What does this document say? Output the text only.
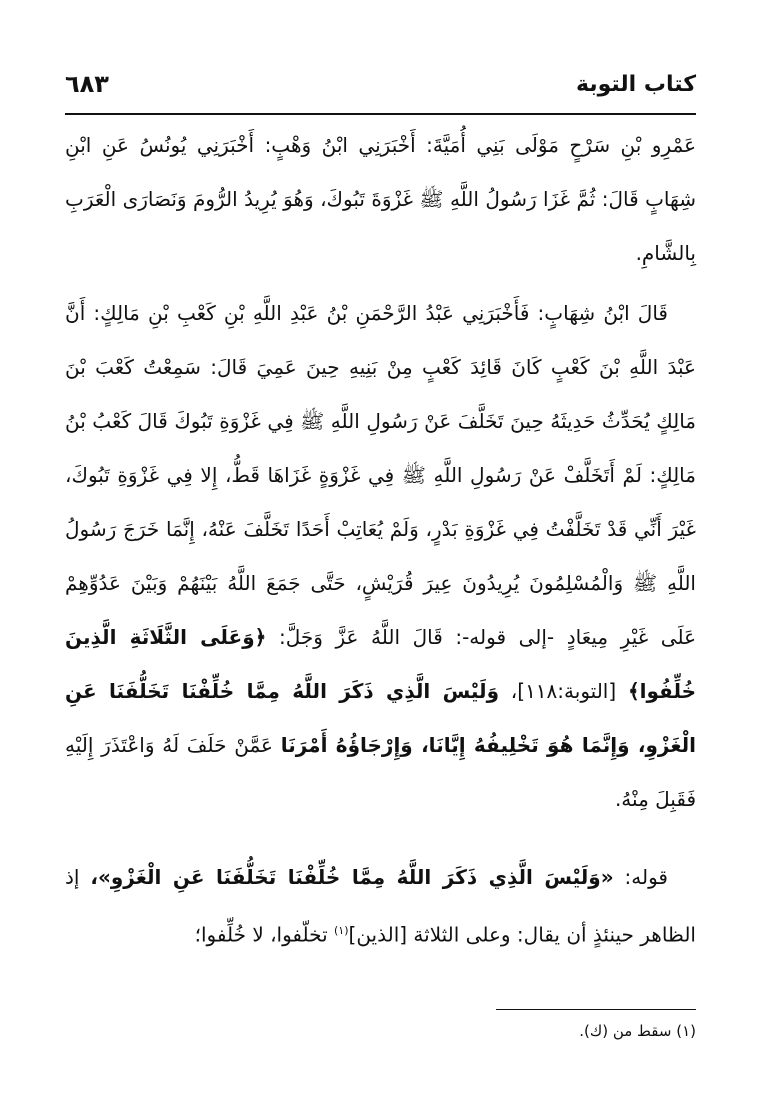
كتاب التوبة
٦٨٣

عَمْرِو بْنِ سَرْحٍ مَوْلَى بَنِي أُمَيَّةَ: أَخْبَرَنِي ابْنُ وَهْبٍ: أَخْبَرَنِي يُونُسُ عَنِ ابْنِ شِهَابٍ قَالَ: ثُمَّ غَزَا رَسُولُ اللَّهِ ﷺ غَزْوَةَ تَبُوكَ، وَهُوَ يُرِيدُ الرُّومَ وَنَصَارَى الْعَرَبِ بِالشَّامِ.

قَالَ ابْنُ شِهَابٍ: فَأَخْبَرَنِي عَبْدُ الرَّحْمَنِ بْنُ عَبْدِ اللَّهِ بْنِ كَعْبِ بْنِ مَالِكٍ: أَنَّ عَبْدَ اللَّهِ بْنَ كَعْبٍ كَانَ قَائِدَ كَعْبٍ مِنْ بَنِيهِ حِينَ عَمِيَ قَالَ: سَمِعْتُ كَعْبَ بْنَ مَالِكٍ يُحَدِّثُ حَدِيثَهُ حِينَ تَخَلَّفَ عَنْ رَسُولِ اللَّهِ ﷺ فِي غَزْوَةِ تَبُوكَ قَالَ كَعْبُ بْنُ مَالِكٍ: لَمْ أَتَخَلَّفْ عَنْ رَسُولِ اللَّهِ ﷺ فِي غَزْوَةٍ غَزَاهَا قَطُّ، إِلا فِي غَزْوَةِ تَبُوكَ، غَيْرَ أَنِّي قَدْ تَخَلَّفْتُ فِي غَزْوَةِ بَدْرٍ، وَلَمْ يُعَاتِبْ أَحَدًا تَخَلَّفَ عَنْهُ، إِنَّمَا خَرَجَ رَسُولُ اللَّهِ ﷺ وَالْمُسْلِمُونَ يُرِيدُونَ عِيرَ قُرَيْشٍ، حَتَّى جَمَعَ اللَّهُ بَيْنَهُمْ وَبَيْنَ عَدُوِّهِمْ عَلَى غَيْرِ مِيعَادٍ -إلى قوله-: قَالَ اللَّهُ عَزَّ وَجَلَّ: ﴿وَعَلَى الثَّلَاثَةِ الَّذِينَ خُلِّفُوا﴾ [التوبة:١١٨]، وَلَيْسَ الَّذِي ذَكَرَ اللَّهُ مِمَّا خُلِّفْنَا تَخَلُّفَنَا عَنِ الْغَزْوِ، وَإِنَّمَا هُوَ تَخْلِيفُهُ إِيَّانَا، وَإِرْجَاؤُهُ أَمْرَنَا عَمَّنْ حَلَفَ لَهُ وَاعْتَذَرَ إِلَيْهِ فَقَبِلَ مِنْهُ.

قوله: «وَلَيْسَ الَّذِي ذَكَرَ اللَّهُ مِمَّا خُلِّفْنَا تَخَلُّفَنَا عَنِ الْغَزْوِ»، إذ الظاهر حينئذٍ أن يقال: وعلى الثلاثة [الذين]$^{(١)}$ تخلّفوا، لا خُلِّفوا؛

(١) سقط من (ك).
